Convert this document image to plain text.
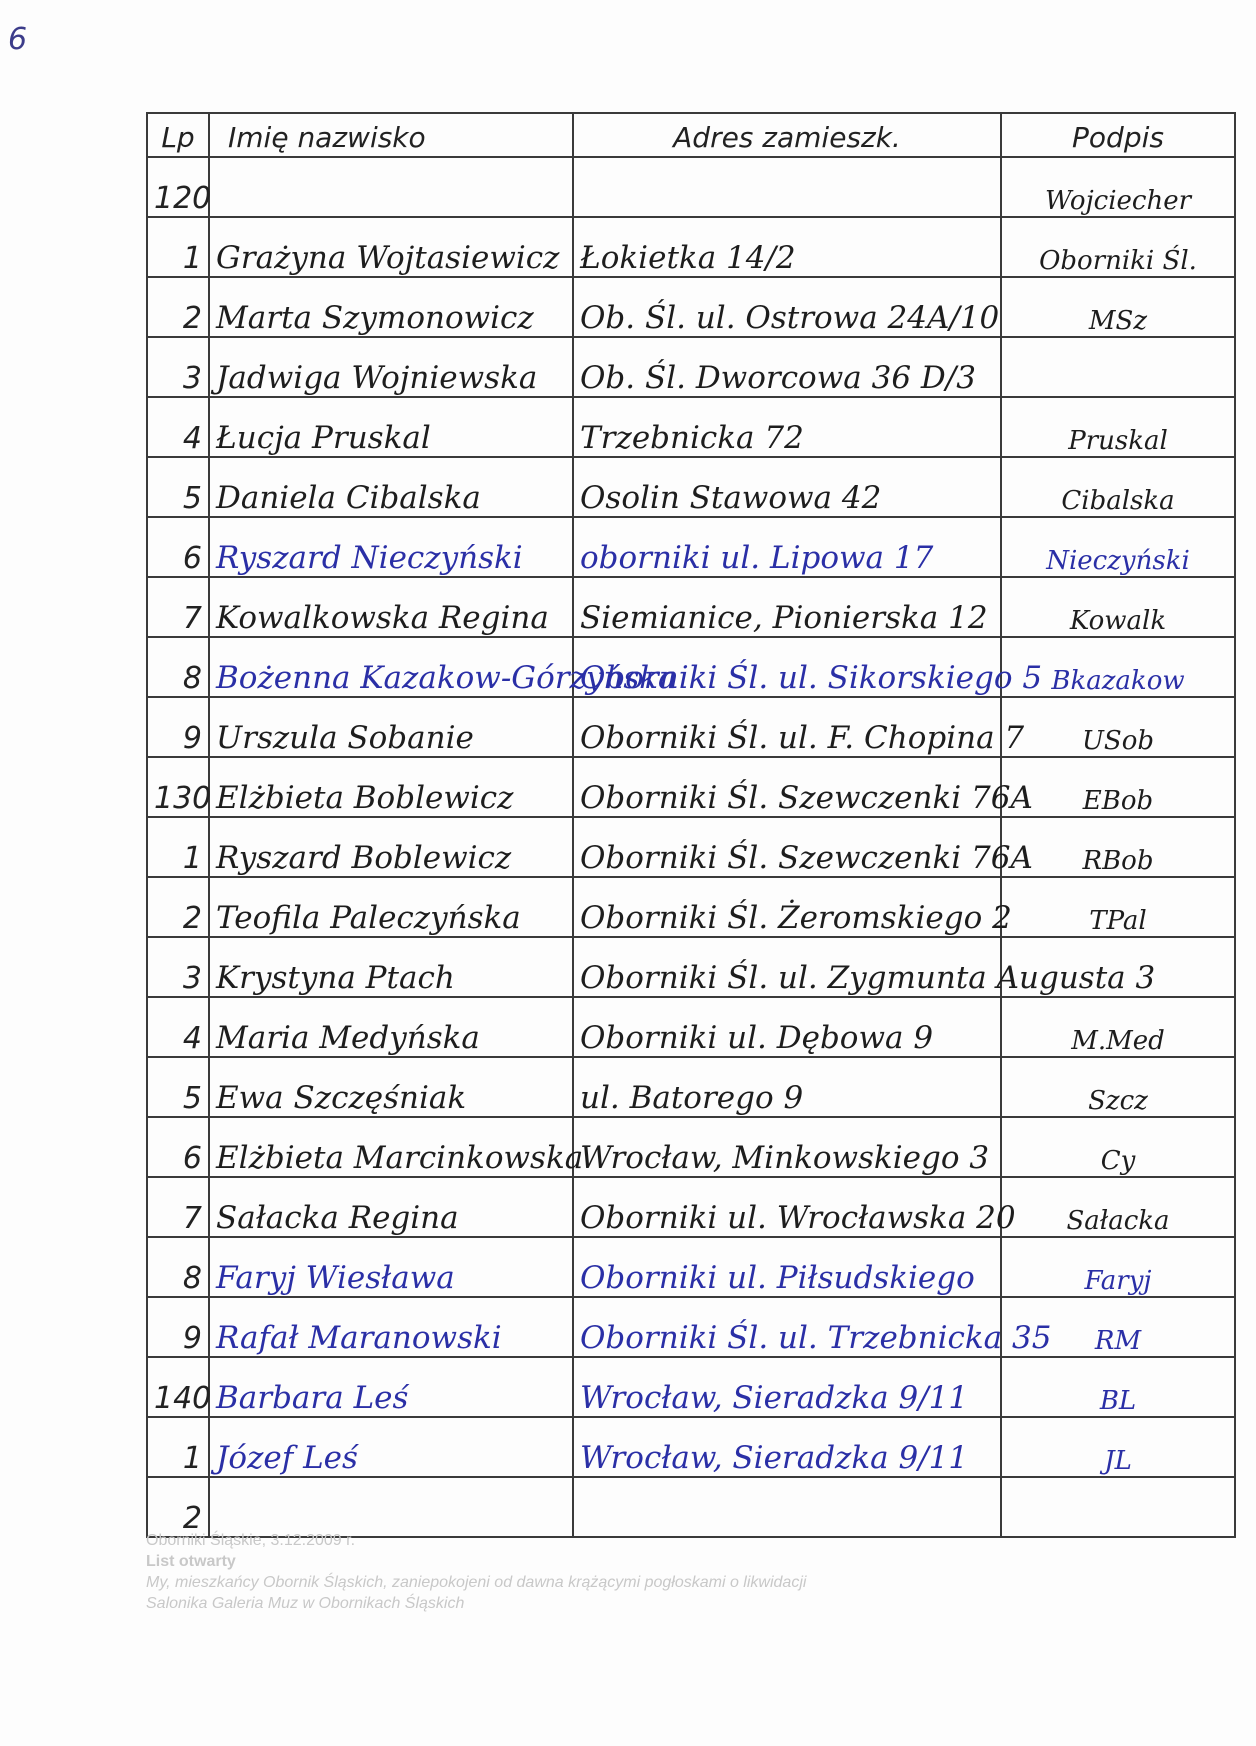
6
Lp	Imię nazwisko	Adres zamieszk.	Podpis
120			Wojciecher
1	Grażyna Wojtasiewicz	Łokietka 14/2	Oborniki Śl.
2	Marta Szymonowicz	Ob. Śl. ul. Ostrowa 24A/10	MSz
3	Jadwiga Wojniewska	Ob. Śl. Dworcowa 36 D/3	
4	Łucja Pruskal	Trzebnicka 72	Pruskal
5	Daniela Cibalska	Osolin Stawowa 42	Cibalska
6	Ryszard Nieczyński	oborniki ul. Lipowa 17	Nieczyński
7	Kowalkowska Regina	Siemianice, Pionierska 12	Kowalk
8	Bożenna Kazakow-Górzyńska	Oborniki Śl. ul. Sikorskiego 5	Bkazakow
9	Urszula Sobanie	Oborniki Śl. ul. F. Chopina 7	USob
130	Elżbieta Boblewicz	Oborniki Śl. Szewczenki 76A	EBob
1	Ryszard Boblewicz	Oborniki Śl. Szewczenki 76A	RBob
2	Teofila Paleczyńska	Oborniki Śl. Żeromskiego 2	TPal
3	Krystyna Ptach	Oborniki Śl. ul. Zygmunta Augusta 3	
4	Maria Medyńska	Oborniki ul. Dębowa 9	M.Med
5	Ewa Szczęśniak	ul. Batorego 9	Szcz
6	Elżbieta Marcinkowska	Wrocław, Minkowskiego 3	Cy
7	Sałacka Regina	Oborniki ul. Wrocławska 20	Sałacka
8	Faryj Wiesława	Oborniki ul. Piłsudskiego	Faryj
9	Rafał Maranowski	Oborniki Śl. ul. Trzebnicka 35	RM
140	Barbara Leś	Wrocław, Sieradzka 9/11	BL
1	Józef Leś	Wrocław, Sieradzka 9/11	JL
2			
Oborniki Śląskie, 3.12.2009 r.
List otwarty
My, mieszkańcy Obornik Śląskich, zaniepokojeni od dawna krążącymi pogłoskami o likwidacji
Salonika Galeria Muz w Obornikach Śląskich
